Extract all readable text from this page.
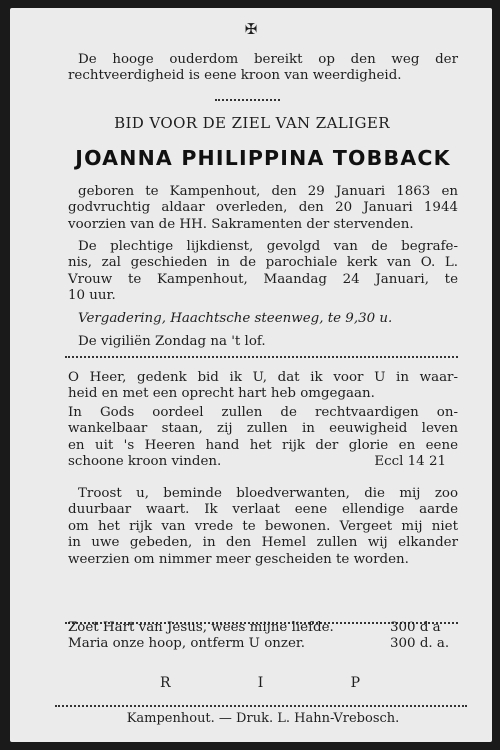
✠
De hooge ouderdom bereikt op den weg der
rechtveerdigheid is eene kroon van weerdigheid.
BID VOOR DE ZIEL VAN ZALIGER
JOANNA PHILIPPINA TOBBACK
geboren te Kampenhout, den 29 Januari 1863 en
godvruchtig aldaar overleden, den 20 Januari 1944
voorzien van de HH. Sakramenten der stervenden.
De plechtige lijkdienst, gevolgd van de begrafe-
nis, zal geschieden in de parochiale kerk van O. L.
Vrouw te Kampenhout, Maandag 24 Januari, te
10 uur.
Vergadering, Haachtsche steenweg, te 9,30 u.
De vigiliën Zondag na 't lof.
O Heer, gedenk bid ik U, dat ik voor U in waar-
heid en met een oprecht hart heb omgegaan.
In Gods oordeel zullen de rechtvaardigen on-
wankelbaar staan, zij zullen in eeuwigheid leven
en uit 's Heeren hand het rijk der glorie en eene
schoone kroon vinden.	Eccl 14 21
Troost u, beminde bloedverwanten, die mij zoo
duurbaar waart. Ik verlaat eene ellendige aarde
om het rijk van vrede te bewonen. Vergeet mij niet
in uwe gebeden, in den Hemel zullen wij elkander
weerzien om nimmer meer gescheiden te worden.
Zoet Hart van Jesus, wees mijne liefde.	300 d a
Maria onze hoop, ontferm U onzer.	300 d. a.
R	I	P
Kampenhout. — Druk. L. Hahn-Vrebosch.
